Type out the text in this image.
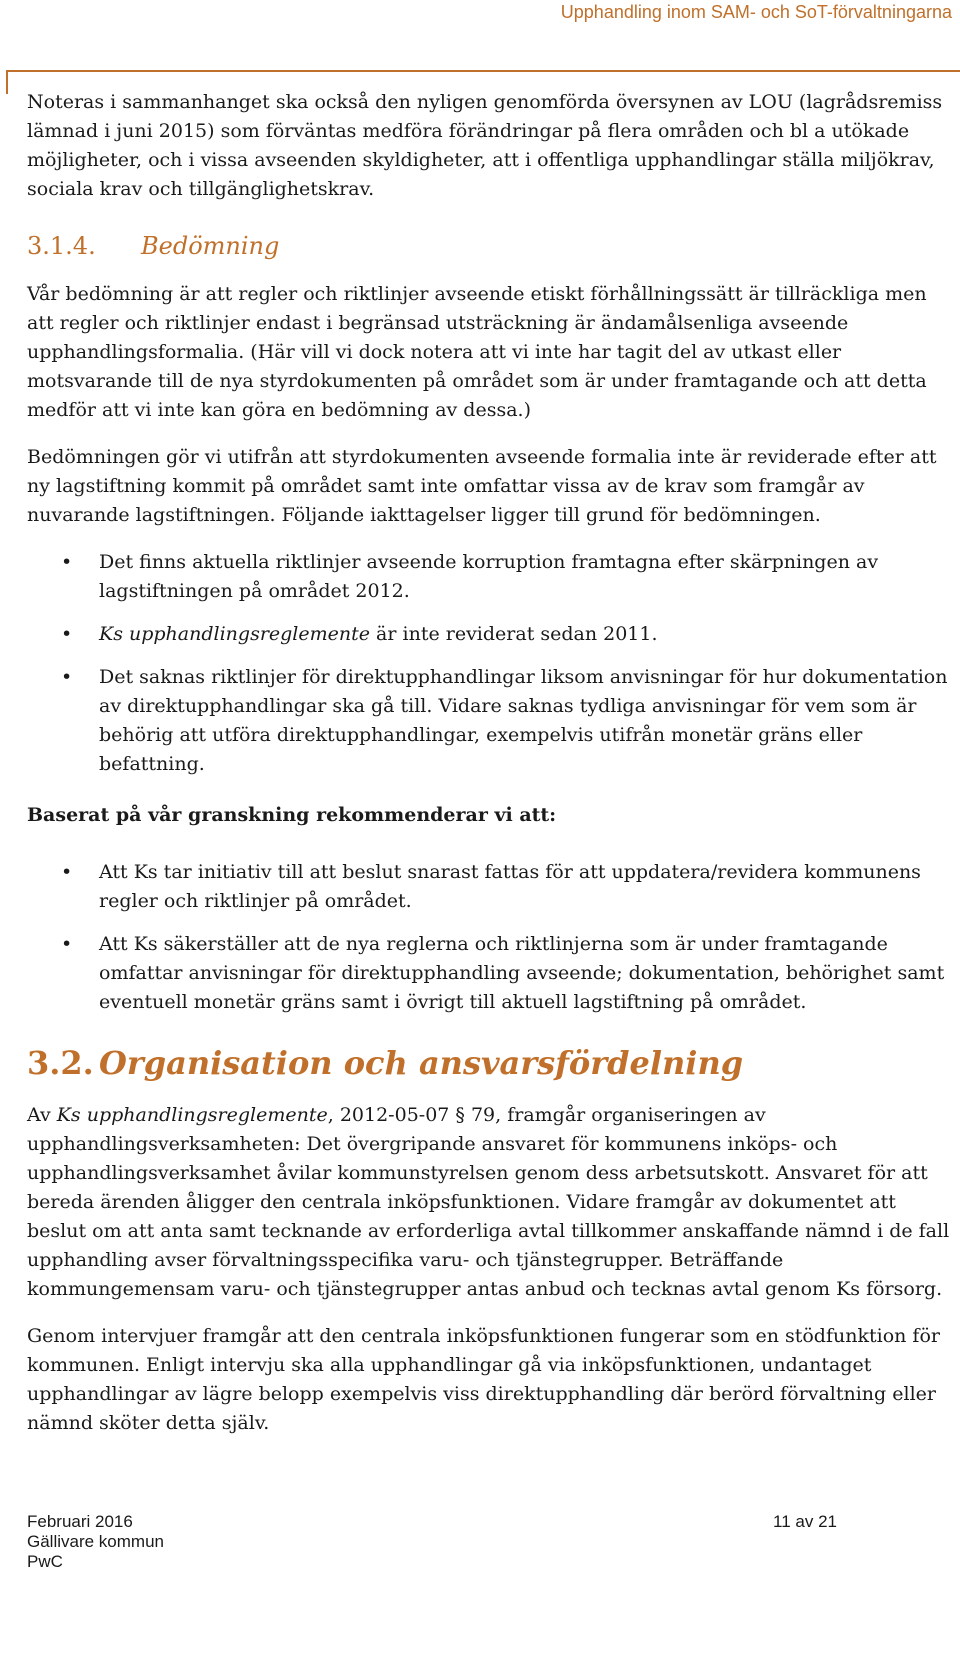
Upphandling inom SAM- och SoT-förvaltningarna

Noteras i sammanhanget ska också den nyligen genomförda översynen av LOU (lagrådsremiss lämnad i juni 2015) som förväntas medföra förändringar på flera områden och bl a utökade möjligheter, och i vissa avseenden skyldigheter, att i offentliga upphandlingar ställa miljökrav, sociala krav och tillgänglighetskrav.

3.1.4. Bedömning

Vår bedömning är att regler och riktlinjer avseende etiskt förhållningssätt är tillräckliga men att regler och riktlinjer endast i begränsad utsträckning är ändamålsenliga avseende upphandlingsformalia. (Här vill vi dock notera att vi inte har tagit del av utkast eller motsvarande till de nya styrdokumenten på området som är under framtagande och att detta medför att vi inte kan göra en bedömning av dessa.)

Bedömningen gör vi utifrån att styrdokumenten avseende formalia inte är reviderade efter att ny lagstiftning kommit på området samt inte omfattar vissa av de krav som framgår av nuvarande lagstiftningen. Följande iakttagelser ligger till grund för bedömningen.

• Det finns aktuella riktlinjer avseende korruption framtagna efter skärpningen av lagstiftningen på området 2012.
• Ks upphandlingsreglemente är inte reviderat sedan 2011.
• Det saknas riktlinjer för direktupphandlingar liksom anvisningar för hur dokumentation av direktupphandlingar ska gå till. Vidare saknas tydliga anvisningar för vem som är behörig att utföra direktupphandlingar, exempelvis utifrån monetär gräns eller befattning.
Baserat på vår granskning rekommenderar vi att:
• Att Ks tar initiativ till att beslut snarast fattas för att uppdatera/revidera kommunens regler och riktlinjer på området.
• Att Ks säkerställer att de nya reglerna och riktlinjerna som är under framtagande omfattar anvisningar för direktupphandling avseende; dokumentation, behörighet samt eventuell monetär gräns samt i övrigt till aktuell lagstiftning på området.
3.2. Organisation och ansvarsfördelning

Av Ks upphandlingsreglemente, 2012-05-07 § 79, framgår organiseringen av upphandlingsverksamheten: Det övergripande ansvaret för kommunens inköps- och upphandlingsverksamhet åvilar kommunstyrelsen genom dess arbetsutskott. Ansvaret för att bereda ärenden åligger den centrala inköpsfunktionen. Vidare framgår av dokumentet att beslut om att anta samt tecknande av erforderliga avtal tillkommer anskaffande nämnd i de fall upphandling avser förvaltningsspecifika varu- och tjänstegrupper. Beträffande kommungemensam varu- och tjänstegrupper antas anbud och tecknas avtal genom Ks försorg.

Genom intervjuer framgår att den centrala inköpsfunktionen fungerar som en stödfunktion för kommunen. Enligt intervju ska alla upphandlingar gå via inköpsfunktionen, undantaget upphandlingar av lägre belopp exempelvis viss direktupphandling där berörd förvaltning eller nämnd sköter detta själv.

Februari 2016
Gällivare kommun
PwC
11 av 21
